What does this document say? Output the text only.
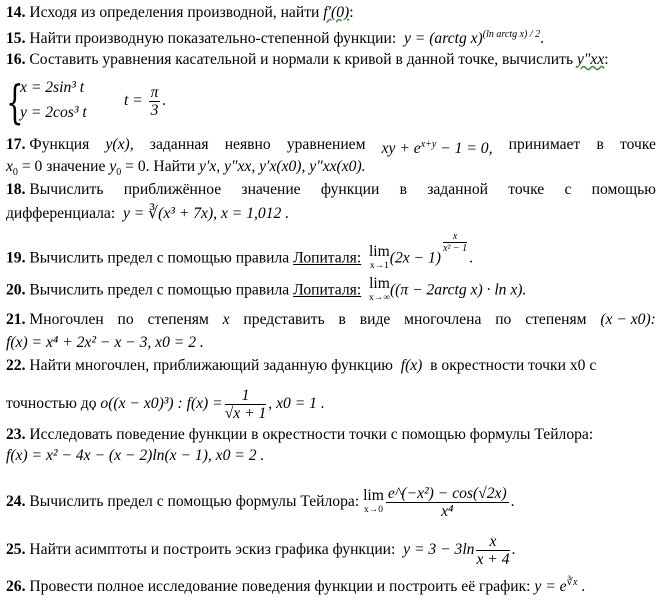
14. Исходя из определения производной, найти f′(0):
15. Найти производную показательно-степенной функции: y = (arctg x)$^{(ln arctg x) / 2}$.
16. Составить уравнения касательной и нормали к кривой в данной точке, вычислить y″xx:
{
x = 2sin³ t
y = 2cos³ t
$t = \frac{\pi}{3}$ .
17. Функция y(x), заданная неявно уравнением xy + $e^{x+y} - 1 = 0$, принимает в точке
$x_0 = 0$ значение $y_0 = 0$. Найти y′x, y″xx, y′x(x0), y″xx(x0).
18. Вычислить приближённое значение функции в заданной точке с помощью
дифференциала: y = ∛(x³ + 7x), x = 1,012 .
19. Вычислить предел с помощью правила Лопиталя: lim
x→1 (2x − 1)
$\frac{x}{\text{x² − 1}}$
.
20. Вычислить предел с помощью правила Лопиталя: lim
x→∞ ((π − 2arctg x) · ln x).
21. Многочлен по степеням x представить в виде многочлена по степеням (x − x0):
f(x) = x⁴ + 2x² − x − 3, x0 = 2 .
22. Найти многочлен, приближающий заданную функцию f(x) в окрестности точки x0 с
точностью до o((x − x0)³) : $f(x) = \frac{1}{√x + 1}$ , x0 = 1 .
23. Исследовать поведение функции в окрестности точки с помощью формулы Тейлора:
f(x) = x² − 4x − (x − 2)ln(x − 1), x0 = 2 .
24. Вычислить предел с помощью формулы Тейлора: lim
$x\to 0 \frac{\text{e\textasciicircum{}(−x²) − cos(√2x)}}{\text{x⁴}}$ .
25. Найти асимптоты и построить эскиз графика функции: $y = 3 - 3\ln \frac{x}{x + 4}$ .
26. Провести полное исследование поведения функции и построить её график: $y = e^{∛x}$ .
